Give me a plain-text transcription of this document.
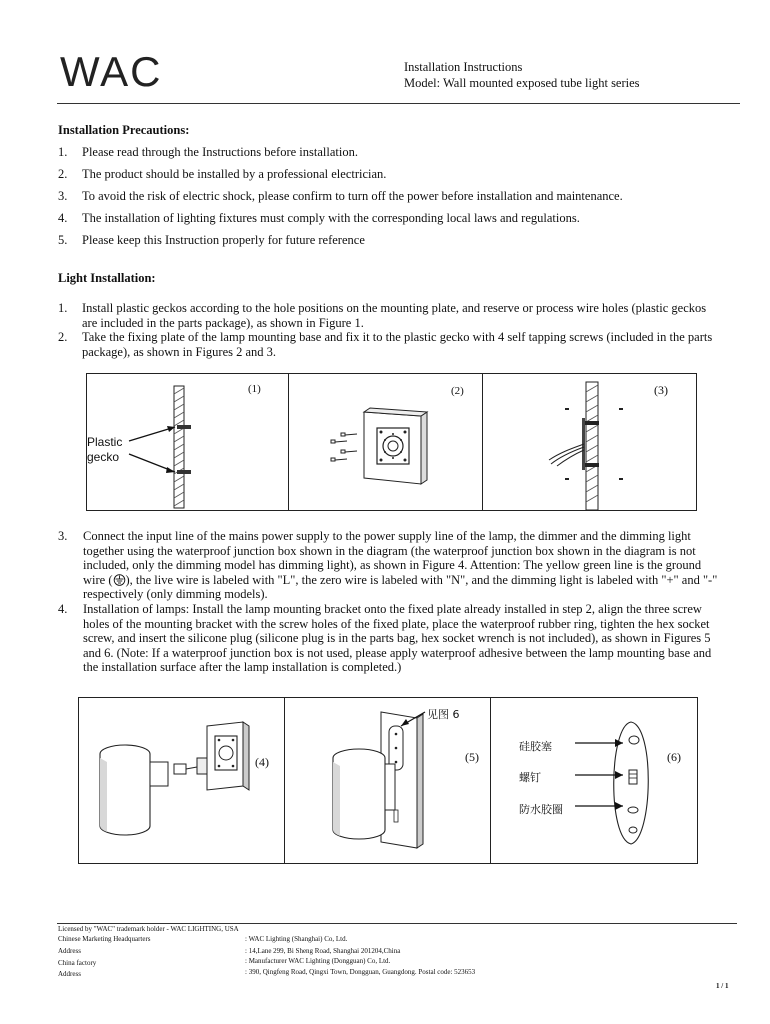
WAC	Installation Instructions
Model: Wall mounted exposed tube light series
Installation Precautions:
1. Please read through the Instructions before installation.
2. The product should be installed by a professional electrician.
3. To avoid the risk of electric shock, please confirm to turn off the power before installation and maintenance.
4. The installation of lighting fixtures must comply with the corresponding local laws and regulations.
5. Please keep this Instruction properly for future reference
Light Installation:
1. Install plastic geckos according to the hole positions on the mounting plate, and reserve or process wire holes (plastic geckos are included in the parts package), as shown in Figure 1.
2. Take the fixing plate of the lamp mounting base and fix it to the plastic gecko with 4 self tapping screws (included in the parts package), as shown in Figures 2 and 3.
(1)
Plastic
gecko
(2)	(3)
3. Connect the input line of the mains power supply to the power supply line of the lamp, the dimmer and the dimming light together using the waterproof junction box shown in the diagram (the waterproof junction box shown in the diagram is not included, only the dimming model has dimming light), as shown in Figure 4. Attention: The yellow green line is the ground wire ( ), the live wire is labeled with "L", the zero wire is labeled with "N", and the dimming light is labeled with "+" and "-" respectively (only dimming models).
4. Installation of lamps: Install the lamp mounting bracket onto the fixed plate already installed in step 2, align the three screw holes of the mounting bracket with the screw holes of the fixed plate, place the waterproof rubber ring, tighten the hex socket screw, and insert the silicone plug (silicone plug is in the parts bag, hex socket wrench is not included), as shown in Figures 5 and 6. (Note: If a waterproof junction box is not used, please apply waterproof adhesive between the lamp mounting base and the installation surface after the lamp installation is completed.)
(4)	(5)
见图 6
(6)
硅胶塞
螺钉
防水胶圈
Licensed by "WAC" trademark holder - WAC LIGHTING, USA
Chinese Marketing Headquarters	: WAC Lighting (Shanghai) Co, Ltd.
Address	: 14,Lane 299, Bi Sheng Road, Shanghai 201204,China
China factory	: Manufacturer WAC Lighting (Dongguan) Co, Ltd.
Address	: 390, Qingfeng Road, Qingxi Town, Dongguan, Guangdong. Postal code: 523653
1 / 1
